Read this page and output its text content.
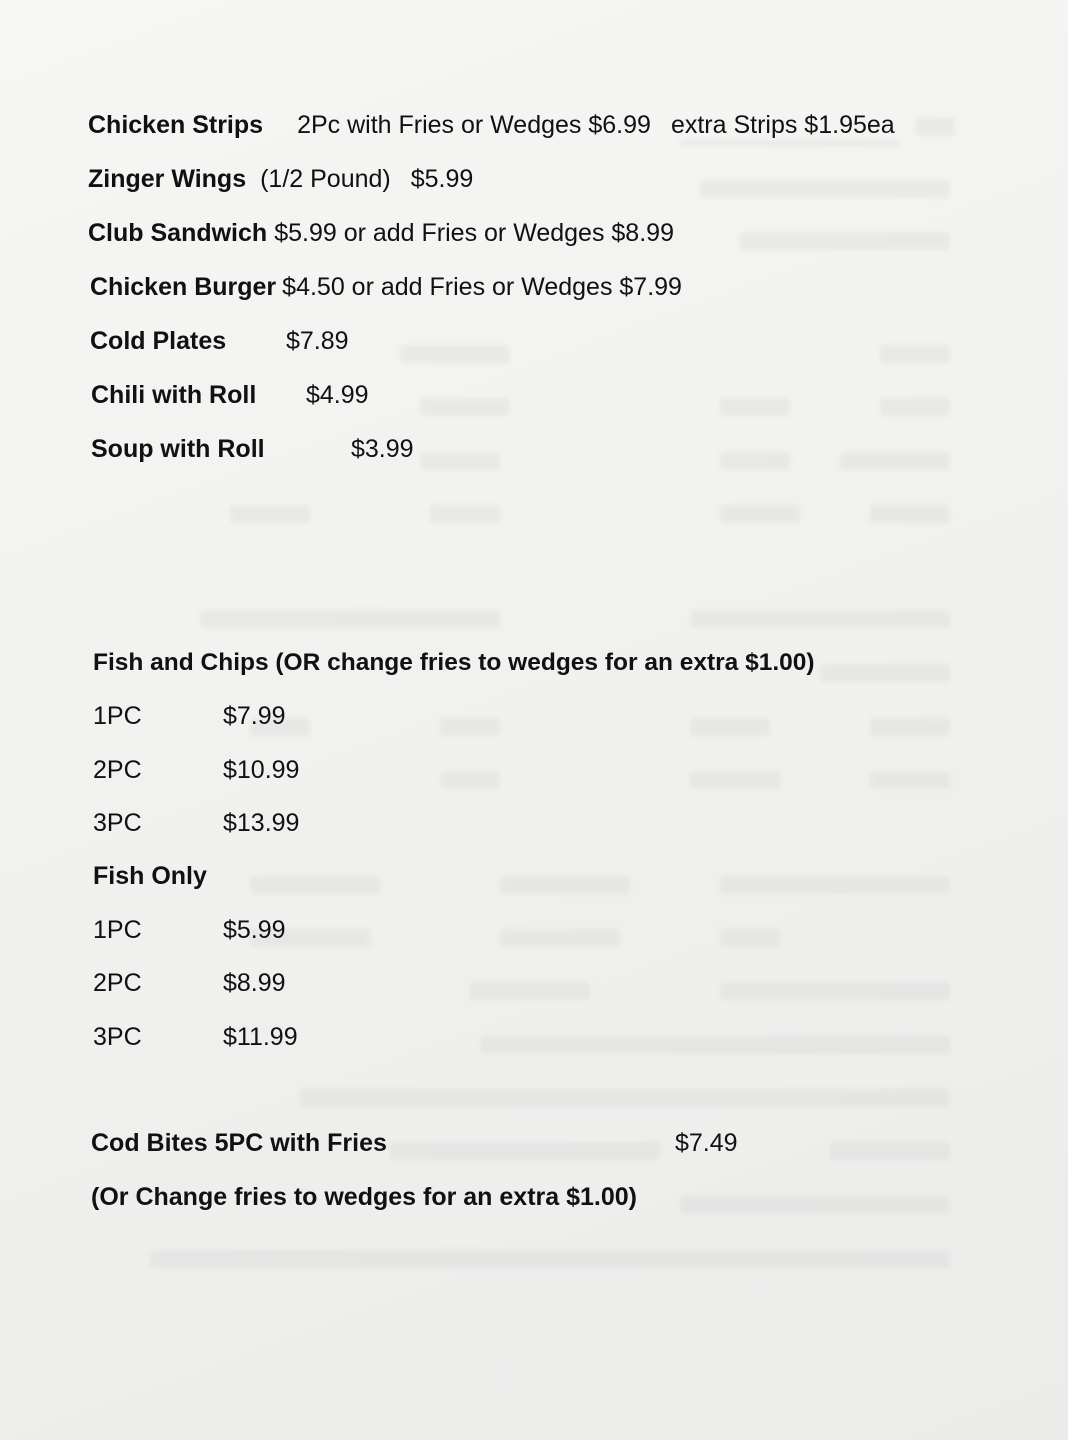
Chicken Strips 2Pc with Fries or Wedges $6.99 extra Strips $1.95ea
Zinger Wings (1/2 Pound) $5.99
Club Sandwich $5.99 or add Fries or Wedges $8.99
Chicken Burger $4.50 or add Fries or Wedges $7.99
Cold Plates $7.89
Chili with Roll $4.99
Soup with Roll	$3.99
Fish and Chips (OR change fries to wedges for an extra $1.00)
1PC	$7.99
2PC	$10.99
3PC	$13.99
Fish Only
1PC	$5.99
2PC	$8.99
3PC	$11.99
Cod Bites 5PC with Fries	$7.49
(Or Change fries to wedges for an extra $1.00)
